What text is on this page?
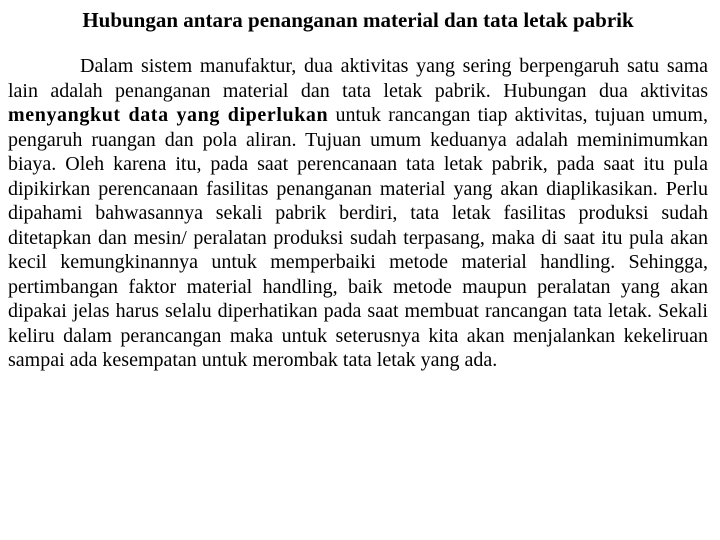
Hubungan antara penanganan material dan tata letak pabrik

Dalam sistem manufaktur, dua aktivitas yang sering berpengaruh satu sama lain adalah penanganan material dan tata letak pabrik. Hubungan dua aktivitas menyangkut data yang diperlukan untuk rancangan tiap aktivitas, tujuan umum, pengaruh ruangan dan pola aliran. Tujuan umum keduanya adalah meminimumkan biaya. Oleh karena itu, pada saat perencanaan tata letak pabrik, pada saat itu pula dipikirkan perencanaan fasilitas penanganan material yang akan diaplikasikan. Perlu dipahami bahwasannya sekali pabrik berdiri, tata letak fasilitas produksi sudah ditetapkan dan mesin/ peralatan produksi sudah terpasang, maka di saat itu pula akan kecil kemungkinannya untuk memperbaiki metode material handling. Sehingga, pertimbangan faktor material handling, baik metode maupun peralatan yang akan dipakai jelas harus selalu diperhatikan pada saat membuat rancangan tata letak. Sekali keliru dalam perancangan maka untuk seterusnya kita akan menjalankan kekeliruan sampai ada kesempatan untuk merombak tata letak yang ada.
